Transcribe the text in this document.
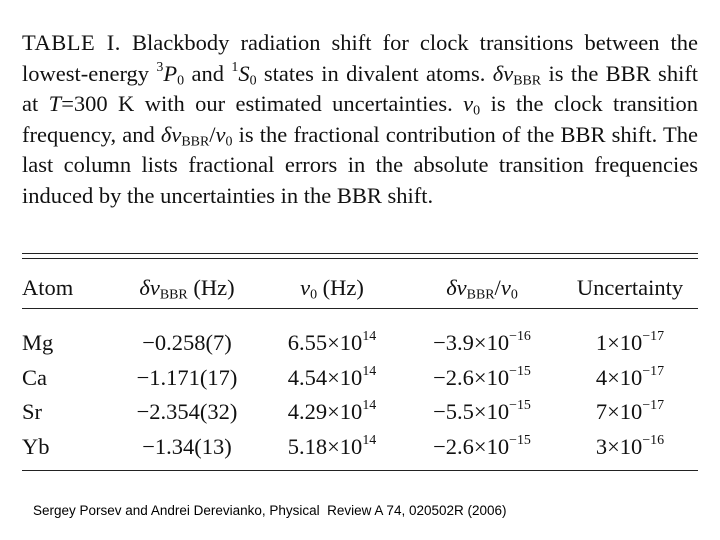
TABLE I. Blackbody radiation shift for clock transitions between the lowest-energy $^3P_0$ and $^1S_0$ states in divalent atoms. $\delta\nu_{BBR}$ is the BBR shift at T=300 K with our estimated uncertainties. $\nu_0$ is the clock transition frequency, and $\delta\nu_{BBR}/\nu_0$ is the fractional contribution of the BBR shift. The last column lists fractional errors in the absolute transition frequencies induced by the uncertainties in the BBR shift.
Atom	$\delta\nu_{BBR}$ (Hz)	$\nu_0$ (Hz)	$\delta\nu_{BBR}/\nu_0$	Uncertainty

Mg	−0.258(7)	$6.55\times 10^{14}$	$-3.9\times 10^{-16}$	$1\times 10^{-17}$
Ca	−1.171(17)	$4.54\times 10^{14}$	$-2.6\times 10^{-15}$	$4\times 10^{-17}$
Sr	−2.354(32)	$4.29\times 10^{14}$	$-5.5\times 10^{-15}$	$7\times 10^{-17}$
Yb	−1.34(13)	$5.18\times 10^{14}$	$-2.6\times 10^{-15}$	$3\times 10^{-16}$
Sergey Porsev and Andrei Derevianko, Physical  Review A 74, 020502R (2006)
